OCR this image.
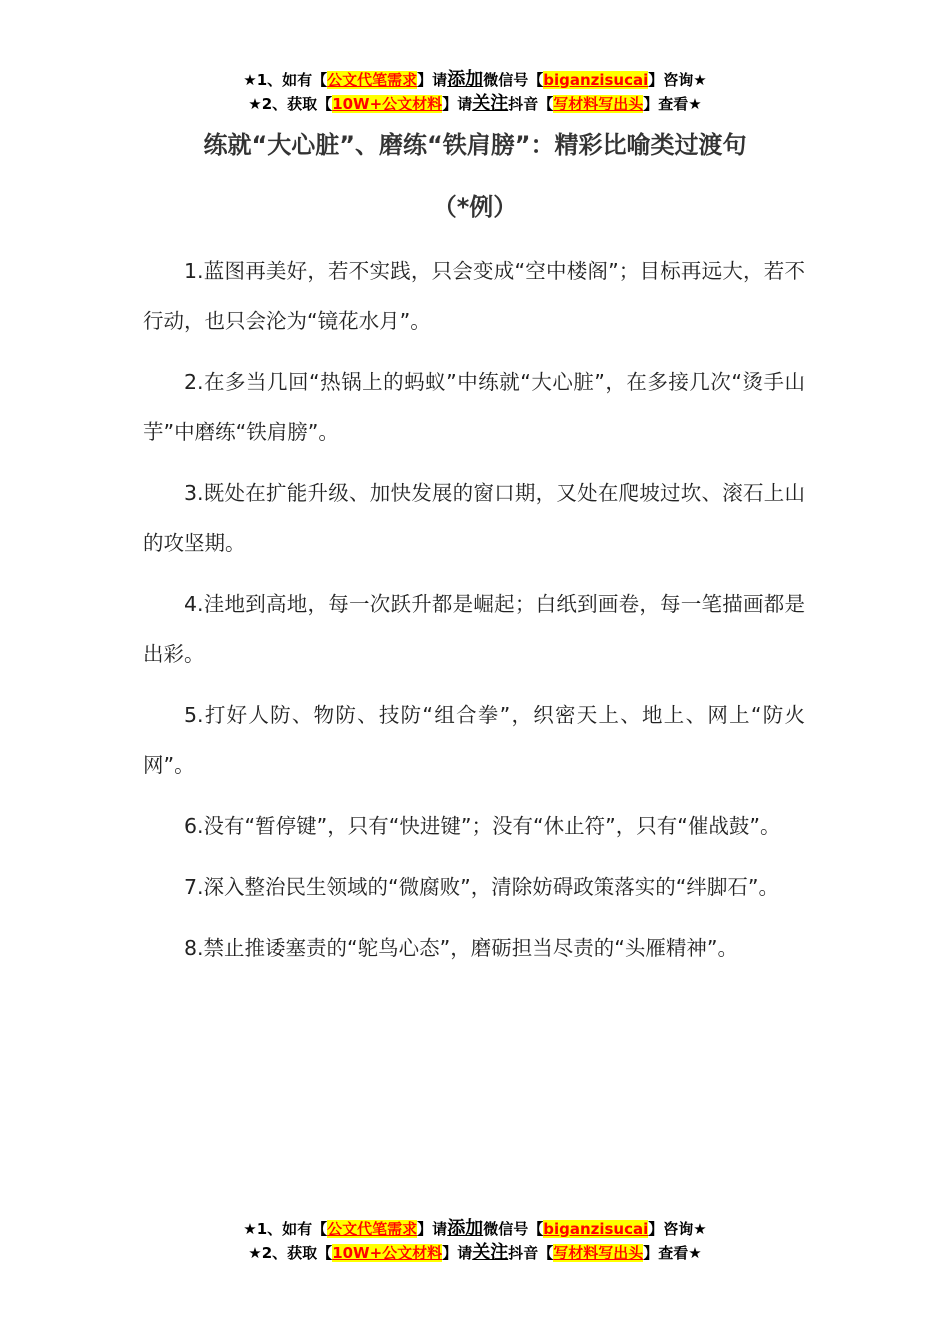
★1、如有【公文代笔需求】请添加微信号【biganzisucai】咨询★
★2、获取【10W+公文材料】请关注抖音【写材料写出头】查看★
练就“大心脏”、磨练“铁肩膀”：精彩比喻类过渡句
（*例）

1.蓝图再美好，若不实践，只会变成“空中楼阁”；目标再远大，若不行动，也只会沦为“镜花水月”。

2.在多当几回“热锅上的蚂蚁”中练就“大心脏”，在多接几次“烫手山芋”中磨练“铁肩膀”。

3.既处在扩能升级、加快发展的窗口期，又处在爬坡过坎、滚石上山的攻坚期。

4.洼地到高地，每一次跃升都是崛起；白纸到画卷，每一笔描画都是出彩。

5.打好人防、物防、技防“组合拳”，织密天上、地上、网上“防火网”。

6.没有“暂停键”，只有“快进键”；没有“休止符”，只有“催战鼓”。

7.深入整治民生领域的“微腐败”，清除妨碍政策落实的“绊脚石”。

8.禁止推诿塞责的“鸵鸟心态”，磨砺担当尽责的“头雁精神”。

★1、如有【公文代笔需求】请添加微信号【biganzisucai】咨询★
★2、获取【10W+公文材料】请关注抖音【写材料写出头】查看★
